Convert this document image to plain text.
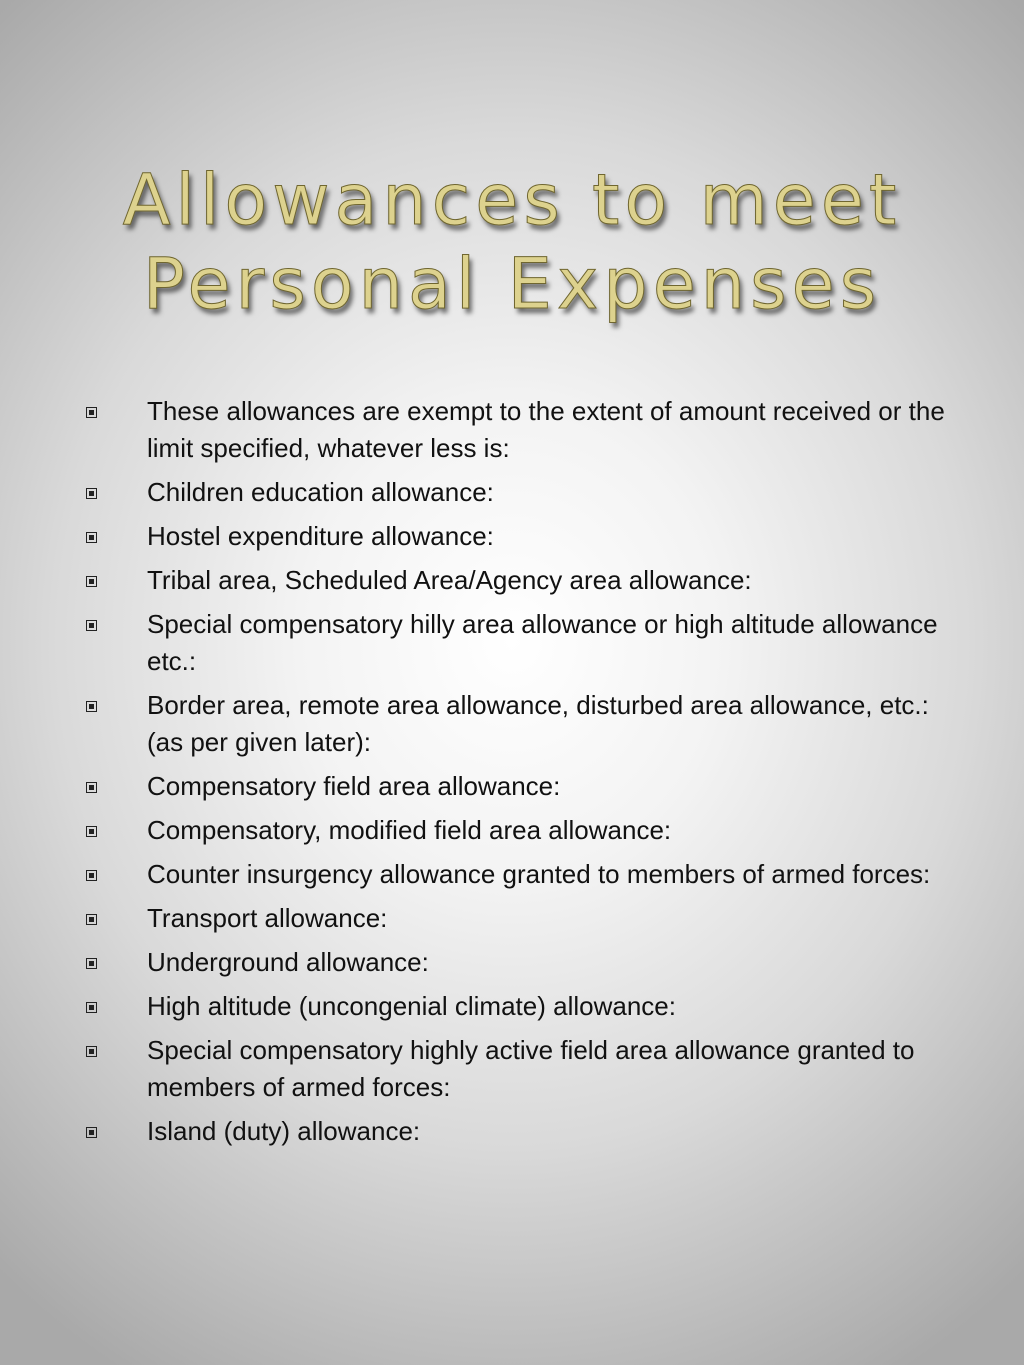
Allowances to meet
Personal Expenses
These allowances are exempt to the extent of amount received or the limit specified, whatever less is:
Children education allowance:
Hostel expenditure allowance:
Tribal area, Scheduled Area/Agency area allowance:
Special compensatory hilly area allowance or high altitude allowance etc.:
Border area, remote area allowance, disturbed area allowance, etc.: (as per given later):
Compensatory field area allowance:
Compensatory, modified field area allowance:
Counter insurgency allowance granted to members of armed forces:
Transport allowance:
Underground allowance:
High altitude (uncongenial climate) allowance:
Special compensatory highly active field area allowance granted to members of armed forces:
Island (duty) allowance:
